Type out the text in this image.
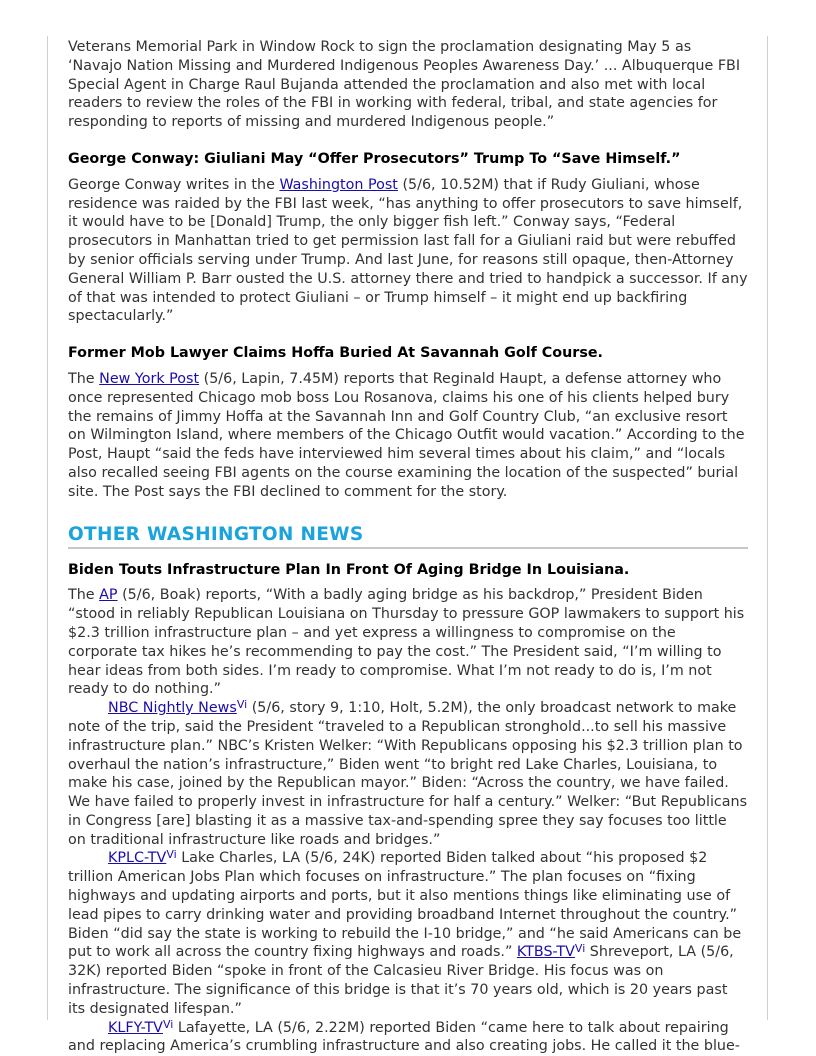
Veterans Memorial Park in Window Rock to sign the proclamation designating May 5 as ‘Navajo Nation Missing and Murdered Indigenous Peoples Awareness Day.’ ... Albuquerque FBI Special Agent in Charge Raul Bujanda attended the proclamation and also met with local readers to review the roles of the FBI in working with federal, tribal, and state agencies for responding to reports of missing and murdered Indigenous people.”

George Conway: Giuliani May “Offer Prosecutors” Trump To “Save Himself.”

George Conway writes in the Washington Post (5/6, 10.52M) that if Rudy Giuliani, whose residence was raided by the FBI last week, “has anything to offer prosecutors to save himself, it would have to be [Donald] Trump, the only bigger fish left.” Conway says, “Federal prosecutors in Manhattan tried to get permission last fall for a Giuliani raid but were rebuffed by senior officials serving under Trump. And last June, for reasons still opaque, then-Attorney General William P. Barr ousted the U.S. attorney there and tried to handpick a successor. If any of that was intended to protect Giuliani – or Trump himself – it might end up backfiring spectacularly.”

Former Mob Lawyer Claims Hoffa Buried At Savannah Golf Course.

The New York Post (5/6, Lapin, 7.45M) reports that Reginald Haupt, a defense attorney who once represented Chicago mob boss Lou Rosanova, claims his one of his clients helped bury the remains of Jimmy Hoffa at the Savannah Inn and Golf Country Club, “an exclusive resort on Wilmington Island, where members of the Chicago Outfit would vacation.” According to the Post, Haupt “said the feds have interviewed him several times about his claim,” and “locals also recalled seeing FBI agents on the course examining the location of the suspected” burial site. The Post says the FBI declined to comment for the story.

OTHER WASHINGTON NEWS
Biden Touts Infrastructure Plan In Front Of Aging Bridge In Louisiana.

The AP (5/6, Boak) reports, “With a badly aging bridge as his backdrop,” President Biden “stood in reliably Republican Louisiana on Thursday to pressure GOP lawmakers to support his $2.3 trillion infrastructure plan – and yet express a willingness to compromise on the corporate tax hikes he’s recommending to pay the cost.” The President said, “I’m willing to hear ideas from both sides. I’m ready to compromise. What I’m not ready to do is, I’m not ready to do nothing.”

NBC Nightly News$^{Vi}$ (5/6, story 9, 1:10, Holt, 5.2M), the only broadcast network to make note of the trip, said the President “traveled to a Republican stronghold...to sell his massive infrastructure plan.” NBC’s Kristen Welker: “With Republicans opposing his $2.3 trillion plan to overhaul the nation’s infrastructure,” Biden went “to bright red Lake Charles, Louisiana, to make his case, joined by the Republican mayor.” Biden: “Across the country, we have failed. We have failed to properly invest in infrastructure for half a century.” Welker: “But Republicans in Congress [are] blasting it as a massive tax-and-spending spree they say focuses too little on traditional infrastructure like roads and bridges.”

KPLC-$TV^{Vi}$ Lake Charles, LA (5/6, 24K) reported Biden talked about “his proposed $2 trillion American Jobs Plan which focuses on infrastructure.” The plan focuses on “fixing highways and updating airports and ports, but it also mentions things like eliminating use of lead pipes to carry drinking water and providing broadband Internet throughout the country.” Biden “did say the state is working to rebuild the I-10 bridge,” and “he said Americans can be put to work all across the country fixing highways and roads.” KTBS-$TV^{Vi}$ Shreveport, LA (5/6, 32K) reported Biden “spoke in front of the Calcasieu River Bridge. His focus was on infrastructure. The significance of this bridge is that it’s 70 years old, which is 20 years past its designated lifespan.”

KLFY-$TV^{Vi}$ Lafayette, LA (5/6, 2.22M) reported Biden “came here to talk about repairing and replacing America’s crumbling infrastructure and also creating jobs. He called it the blue-
